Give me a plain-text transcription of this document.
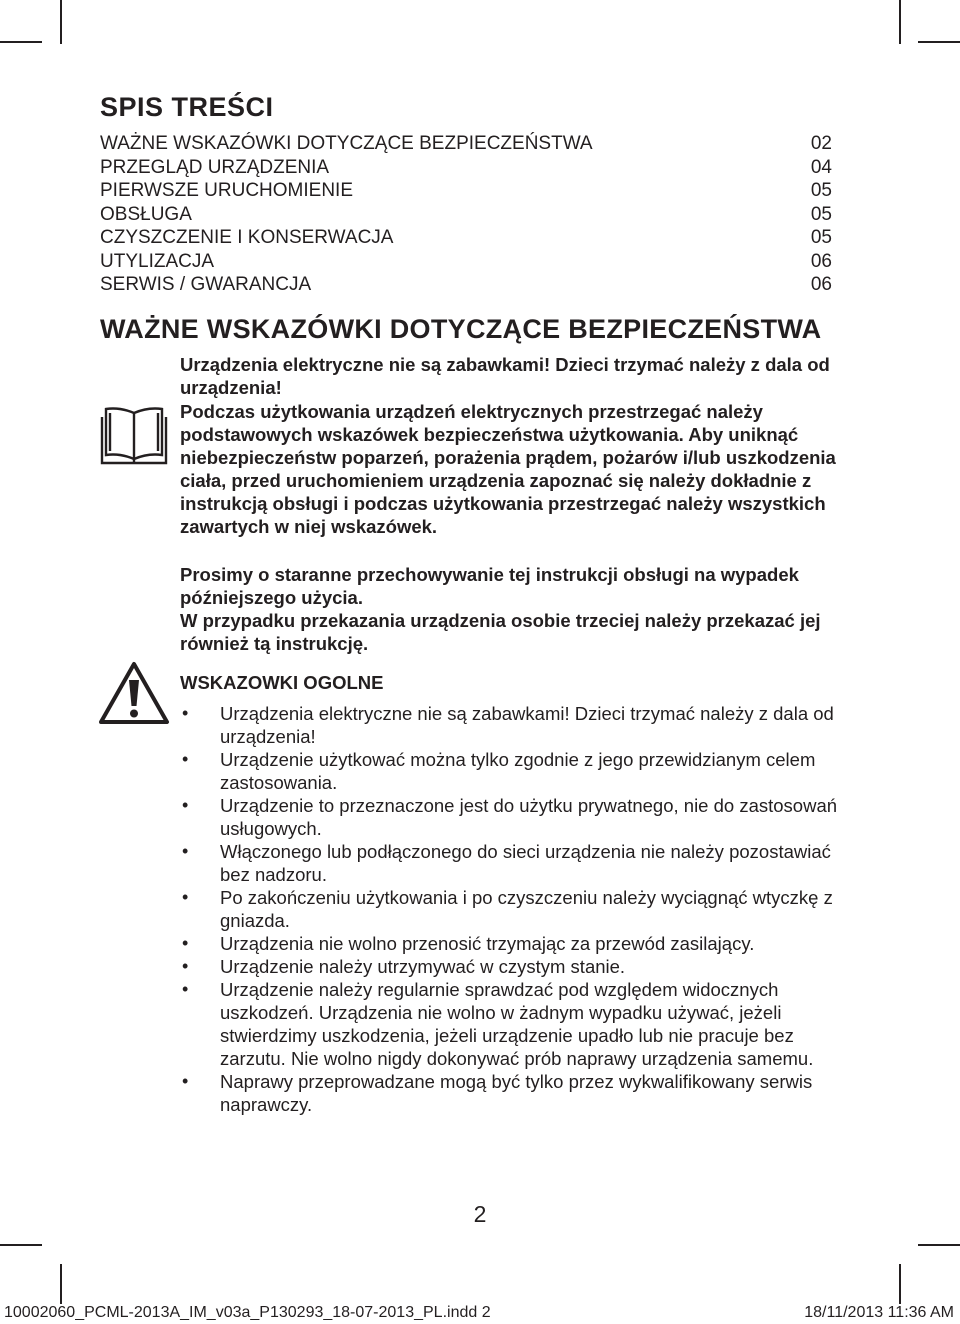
SPIS TREŚCI
WAŻNE WSKAZÓWKI DOTYCZĄCE BEZPIECZEŃSTWA	02
PRZEGLĄD URZĄDZENIA	04
PIERWSZE URUCHOMIENIE	05
OBSŁUGA	05
CZYSZCZENIE I KONSERWACJA	05
UTYLIZACJA	06
SERWIS / GWARANCJA	06
WAŻNE WSKAZÓWKI DOTYCZĄCE BEZPIECZEŃSTWA

Urządzenia elektryczne nie są zabawkami! Dzieci trzymać należy z dala od urządzenia!

Podczas użytkowania urządzeń elektrycznych przestrzegać należy podstawowych wskazówek bezpieczeństwa użytkowania. Aby uniknąć niebezpieczeństw poparzeń, porażenia prądem, pożarów i/lub uszkodzenia ciała, przed uruchomieniem urządzenia zapoznać się należy dokładnie z instrukcją obsługi i podczas użytkowania przestrzegać należy wszystkich zawartych w niej wskazówek.

Prosimy o staranne przechowywanie tej instrukcji obsługi na wypadek późniejszego użycia.

W przypadku przekazania urządzenia osobie trzeciej należy przekazać jej również tą instrukcję.

WSKAZOWKI OGOLNE
• Urządzenia elektryczne nie są zabawkami! Dzieci trzymać należy z dala od urządzenia!
• Urządzenie użytkować można tylko zgodnie z jego przewidzianym celem zastosowania.
• Urządzenie to przeznaczone jest do użytku prywatnego, nie do zastosowań usługowych.
• Włączonego lub podłączonego do sieci urządzenia nie należy pozostawiać bez nadzoru.
• Po zakończeniu użytkowania i po czyszczeniu należy wyciągnąć wtyczkę z gniazda.
• Urządzenia nie wolno przenosić trzymając za przewód zasilający.
• Urządzenie należy utrzymywać w czystym stanie.
• Urządzenie należy regularnie sprawdzać pod względem widocznych uszkodzeń. Urządzenia nie wolno w żadnym wypadku używać, jeżeli stwierdzimy uszkodzenia, jeżeli urządzenie upadło lub nie pracuje bez zarzutu. Nie wolno nigdy dokonywać prób naprawy urządzenia samemu.
• Naprawy przeprowadzane mogą być tylko przez wykwalifikowany serwis naprawczy.
2
10002060_PCML-2013A_IM_v03a_P130293_18-07-2013_PL.indd 2	18/11/2013 11:36 AM
